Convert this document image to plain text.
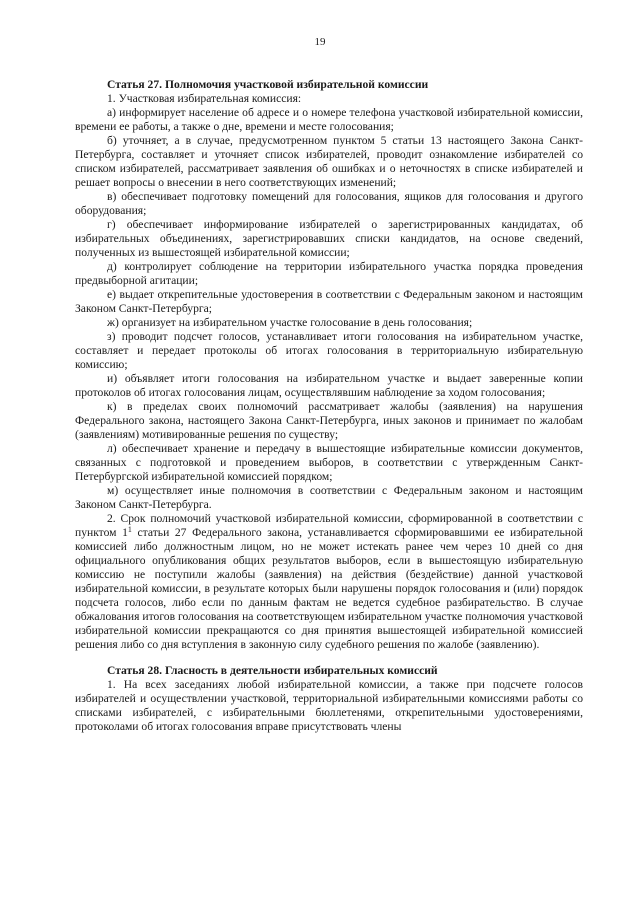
19

Статья 27. Полномочия участковой избирательной комиссии

1. Участковая избирательная комиссия:

а) информирует население об адресе и о номере телефона участковой избирательной комиссии, времени ее работы, а также о дне, времени и месте голосования;

б) уточняет, а в случае, предусмотренном пунктом 5 статьи 13 настоящего Закона Санкт-Петербурга, составляет и уточняет список избирателей, проводит ознакомление избирателей со списком избирателей, рассматривает заявления об ошибках и о неточностях в списке избирателей и решает вопросы о внесении в него соответствующих изменений;

в) обеспечивает подготовку помещений для голосования, ящиков для голосования и другого оборудования;

г) обеспечивает информирование избирателей о зарегистрированных кандидатах, об избирательных объединениях, зарегистрировавших списки кандидатов, на основе сведений, полученных из вышестоящей избирательной комиссии;

д) контролирует соблюдение на территории избирательного участка порядка проведения предвыборной агитации;

е) выдает открепительные удостоверения в соответствии с Федеральным законом и настоящим Законом Санкт-Петербурга;

ж) организует на избирательном участке голосование в день голосования;

з) проводит подсчет голосов, устанавливает итоги голосования на избирательном участке, составляет и передает протоколы об итогах голосования в территориальную избирательную комиссию;

и) объявляет итоги голосования на избирательном участке и выдает заверенные копии протоколов об итогах голосования лицам, осуществлявшим наблюдение за ходом голосования;

к) в пределах своих полномочий рассматривает жалобы (заявления) на нарушения Федерального закона, настоящего Закона Санкт-Петербурга, иных законов и принимает по жалобам (заявлениям) мотивированные решения по существу;

л) обеспечивает хранение и передачу в вышестоящие избирательные комиссии документов, связанных с подготовкой и проведением выборов, в соответствии с утвержденным Санкт-Петербургской избирательной комиссией порядком;

м) осуществляет иные полномочия в соответствии с Федеральным законом и настоящим Законом Санкт-Петербурга.

2. Срок полномочий участковой избирательной комиссии, сформированной в соответствии с пунктом $1^1$ статьи 27 Федерального закона, устанавливается сформировавшими ее избирательной комиссией либо должностным лицом, но не может истекать ранее чем через 10 дней со дня официального опубликования общих результатов выборов, если в вышестоящую избирательную комиссию не поступили жалобы (заявления) на действия (бездействие) данной участковой избирательной комиссии, в результате которых были нарушены порядок голосования и (или) порядок подсчета голосов, либо если по данным фактам не ведется судебное разбирательство. В случае обжалования итогов голосования на соответствующем избирательном участке полномочия участковой избирательной комиссии прекращаются со дня принятия вышестоящей избирательной комиссией решения либо со дня вступления в законную силу судебного решения по жалобе (заявлению).

Статья 28. Гласность в деятельности избирательных комиссий

1. На всех заседаниях любой избирательной комиссии, а также при подсчете голосов избирателей и осуществлении участковой, территориальной избирательными комиссиями работы со списками избирателей, с избирательными бюллетенями, открепительными удостоверениями, протоколами об итогах голосования вправе присутствовать члены
